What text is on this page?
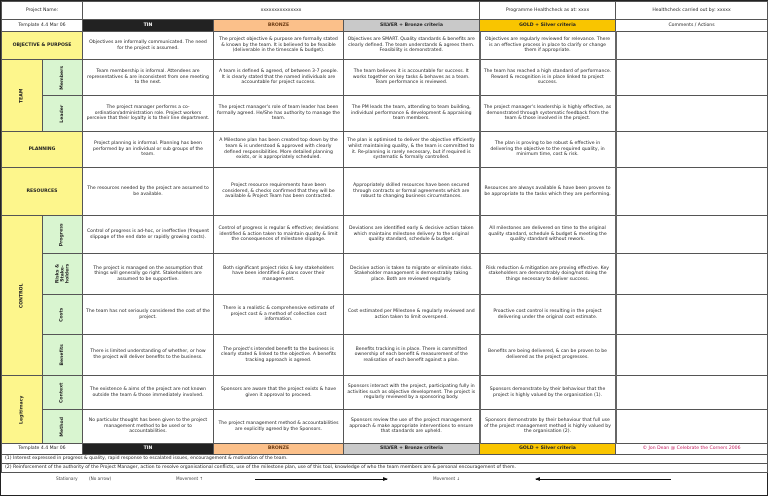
Project Name:		xxxxxxxxxxxxxxx			Programme Healthcheck as at: xxxx	Healthcheck carried out by: xxxxx
Template 4.4 Mar 06		TIN	BRONZE	SILVER + Bronze criteria	GOLD + Silver criteria	Comments / Actions
OBJECTIVE & PURPOSE		Objectives are informally communicated. The need for the project is assumed.	The project objective & purpose are formally stated & known by the team. It is believed to be feasible (deliverable in the timescale & budget).	Objectives are SMART. Quality standards & benefits are clearly defined. The team understands & agrees them. Feasibility is demonstrated.	Objectives are regularly reviewed for relevance. There is an effective process in place to clarify or change them if appropriate.	
TEAM	Members	Team membership is informal. Attendees are representatives & are inconsistent from one meeting to the next.	A team is defined & agreed, of between 3-7 people. It is clearly stated that the named individuals are accountable for project success.	The team believes it is accountable for success. It works together on key tasks & behaves as a team. Team performance is reviewed.	The team has reached a high standard of performance. Reward & recognition is in place linked to project success.	
	Leader	The project manager performs a co-ordination/administration role. Project workers perceive that their loyalty is to their line department.	The project manager's role of team leader has been formally agreed. He/She has authority to manage the team.	The PM leads the team, attending to team building, individual performance & development & appraising team members.	The project manager's leadership is highly effective, as demonstrated through systematic feedback from the team & those involved in the project.	
PLANNING		Project planning is informal. Planning has been performed by an individual or sub groups of the team.	A Milestone plan has been created top down by the team & is understood & approved with clearly defined responsibilities. More detailed planning exists, or is appropriately scheduled.	The plan is optimised to deliver the objective efficiently whilst maintaining quality, & the team is committed to it. Re-planning is rarely necessary, but if required is systematic & formally controlled.	The plan is proving to be robust & effective in delivering the objective to the required quality, in minimum time, cost & risk.	
RESOURCES		The resources needed by the project are assumed to be available.	Project resource requirements have been considered, & checks confirmed that they will be available & Project Team has been contracted.	Appropriately skilled resources have been secured through contracts or formal agreements which are robust to changing business circumstances.	Resources are always available & have been proven to be appropriate to the tasks which they are performing.	
CONTROL	Progress	Control of progress is ad-hoc, or ineffective (frequent slippage of the end date or rapidly growing costs).	Control of progress is regular & effective; deviations identified & action taken to maintain quality & limit the consequences of milestone slippage.	Deviations are identified early & decisive action taken which maintains milestone delivery to the original quality standard, schedule & budget.	All milestones are delivered on time to the original quality standard, schedule & budget & meeting the quality standard without rework.	
	Risks & Stake-holders	The project is managed on the assumption that things will generally go right. Stakeholders are assumed to be supportive.	Both significant project risks & key stakeholders have been identified & plans cover their management.	Decisive action is taken to migrate or eliminate risks. Stakeholder management is demonstrably taking place. Both are reviewed regularly.	Risk reduction & mitigation are proving effective. Key stakeholders are demonstrably doing/not doing the things necessary to deliver success.	
	Costs	The team has not seriously considered the cost of the project.	There is a realistic & comprehensive estimate of project cost & a method of collection cost information.	Cost estimated per Milestone & regularly reviewed and action taken to limit overspend.	Proactive cost control is resulting in the project delivering under the original cost estimate.	
	Benefits	There is limited understanding of whether, or how the project will deliver benefits to the business.	The project's intended benefit to the business is clearly stated & linked to the objective. A benefits tracking approach is agreed.	Benefits tracking is in place. There is committed ownership of each benefit & measurement of the realisation of each benefit against a plan.	Benefits are being delivered, & can be proven to be delivered as the project progresses.	
Legitimacy	Context	The existence & aims of the project are not known outside the team & those immediately involved.	Sponsors are aware that the project exists & have given it approval to proceed.	Sponsors interact with the project, participating fully in activities such as objective development. The project is regularly reviewed by a sponsoring body.	Sponsors demonstrate by their behaviour that the project is highly valued by the organisation (1).	
	Method	No particular thought has been given to the project management method to be used or to accountabilities.	The project management method & accountabilities are explicitly agreed by the Sponsors.	Sponsors review the use of the project management approach & make appropriate interventions to ensure that standards are upheld.	Sponsors demonstrate by their behaviour that full use of the project management method is highly valued by the organisation (2).	
Template 4.4 Mar 06		TIN	BRONZE	SILVER + Bronze criteria	GOLD + Silver criteria	© Jon Dean @ Celebrate the Corners 2006
(1) Interest expressed in progress & quality, rapid response to escalated issues, encouragement & motivation of the team.						
(2) Reinforcement of the authority of the Project Manager, action to resolve organisational conflicts, use of the milestone plan, use of this tool, knowledge of who the team members are & personal encouragement of them.						
Stationary	(No arrow)	Movement ↑	Movement ↓
